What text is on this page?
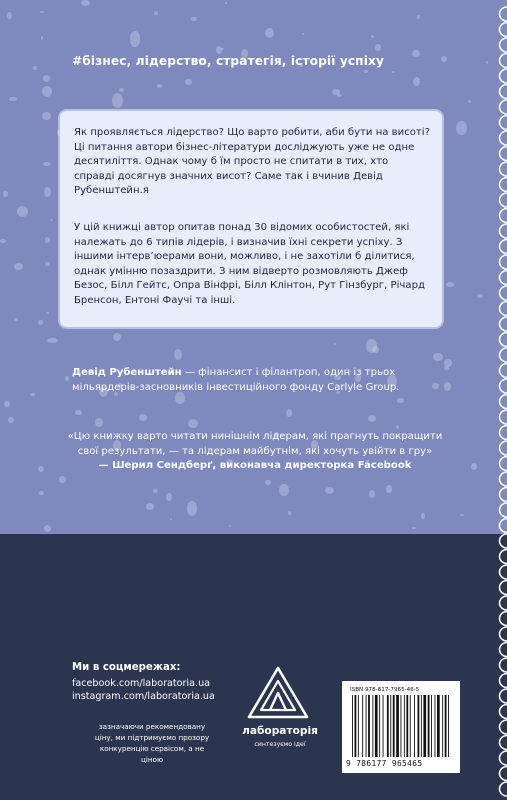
#бізнес, лідерство, стратегія, історії успіху

Як проявляється лідерство? Що варто робити, аби бути на висоті? Ці питання автори бізнес-літератури досліджують уже не одне десятиліття. Однак чому б їм просто не спитати в тих, хто справді досягнув значних висот? Саме так і вчинив Девід Рубенштейн.я

У цій книжці автор опитав понад 30 відомих особистостей, які належать до 6 типів лідерів, і визначив їхні секрети успіху. З іншими інтерв’юерами вони, можливо, і не захотіли б ділитися, однак умінню позаздрити. З ним відверто розмовляють Джеф Безос, Білл Гейтс, Опра Вінфрі, Білл Клінтон, Рут Гінзбург, Річард Бренсон, Ентоні Фаучі та інші.

Девід Рубенштейн — фінансист і філантроп, один із трьох мільярдерів-засновників інвестиційного фонду Carlyle Group.
«Цю книжку варто читати нинішнім лідерам, які прагнуть покращити свої результати, — та лідерам майбутнім, які хочуть увійти в гру»
— Шерил Сендберґ, виконавча директорка Facebook
Ми в соцмережах:
facebook.com/laboratoria.ua
instagram.com/laboratoria.ua
зазначаючи рекомендовану ціну, ми підтримуємо прозору конкуренцію сервісом, а не ціною
лабораторія
синтезуємо ідеї
ISBN 978-617-7965-46-5
9 786177 965465
